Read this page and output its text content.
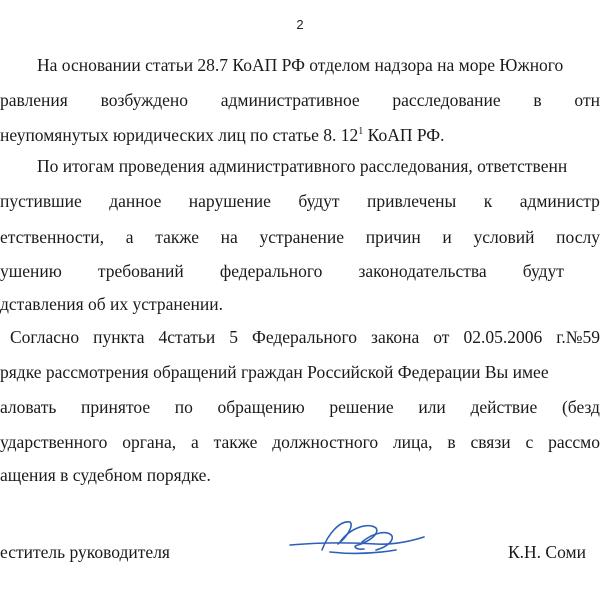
2
На основании статьи 28.7 КоАП РФ отделом надзора на море Южного
равления возбуждено административное расследование в отн
неупомянутых юридических лиц по статье 8. $12^1$ КоАП РФ.
По итогам проведения административного расследования, ответственн
пустившие данное нарушение будут привлечены к администр
етственности, а также на устранение причин и условий послу
ушению требований федерального законодательства будут
дставления об их устранении.
Согласно пункта 4статьи 5 Федерального закона от 02.05.2006 г.№59
рядке рассмотрения обращений граждан Российской Федерации Вы имее
аловать принятое по обращению решение или действие (безд
ударственного органа, а также должностного лица, в связи с рассмо
ащения в судебном порядке.
еститель руководителя	К.Н. Соми
